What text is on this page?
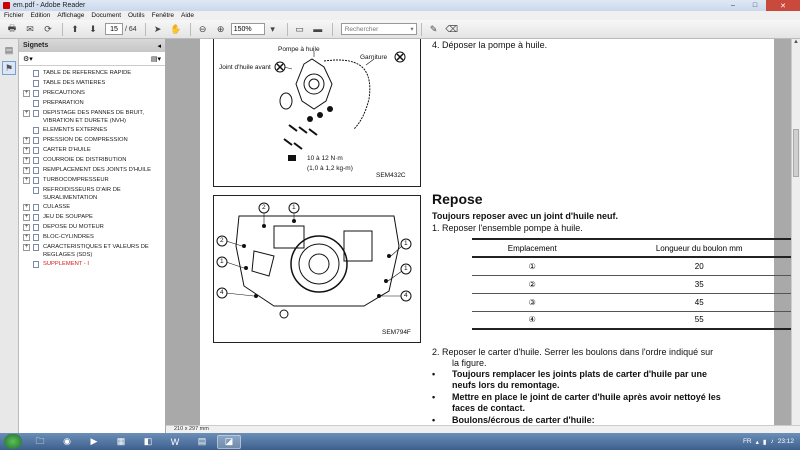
em.pdf - Adobe Reader	–	□	✕
Fichier Edition Affichage Document Outils Fenêtre Aide
🖶	✉	⟳	⬆	⬇	15	/ 64	➤ ✋	⊖	⊕	150%	▾	▭	▬	Rechercher	▾	✎ ⌫
▤
⚑
Signets	◂
⚙▾	▤▾
TABLE DE REFERENCE RAPIDE
TABLE DES MATIERES
+	PRECAUTIONS
PREPARATION
+	DEPISTAGE DES PANNES DE BRUIT, VIBRATION ET DURETE (NVH)
ELEMENTS EXTERNES
+	PRESSION DE COMPRESSION
+	CARTER D'HUILE
+	COURROIE DE DISTRIBUTION
+	REMPLACEMENT DES JOINTS D'HUILE
+	TURBOCOMPRESSEUR
REFROIDISSEURS D'AIR DE SURALIMENTATION
+	CULASSE
+	JEU DE SOUPAPE
+	DEPOSE DU MOTEUR
+	BLOC-CYLINDRES
+	CARACTERISTIQUES ET VALEURS DE REGLAGES (SDS)
SUPPLEMENT - I
Pompe à huile
Joint d'huile avant
Garniture
10 à 12 N·m
(1,0 à 1,2 kg-m)
SEM432C
2	1
2
1
4
1
1
4
SEM794F
4. Déposer la pompe à huile.
Repose
Toujours reposer avec un joint d'huile neuf.
1. Reposer l'ensemble pompe à huile.
Emplacement	Longueur du boulon mm
①	20
②	35
③	45
④	55
2. Reposer le carter d'huile. Serrer les boulons dans l'ordre indiqué sur
la figure.
• Toujours remplacer les joints plats de carter d'huile par une
neufs lors du remontage.
• Mettre en place le joint de carter d'huile après avoir nettoyé les
faces de contact.
• Boulons/écrous de carter d'huile:
▲
210 x 297 mm
🗀	◉	▶	▦	◧	W	▤	◪	FR ▴ ▮ ♪ 23:12
